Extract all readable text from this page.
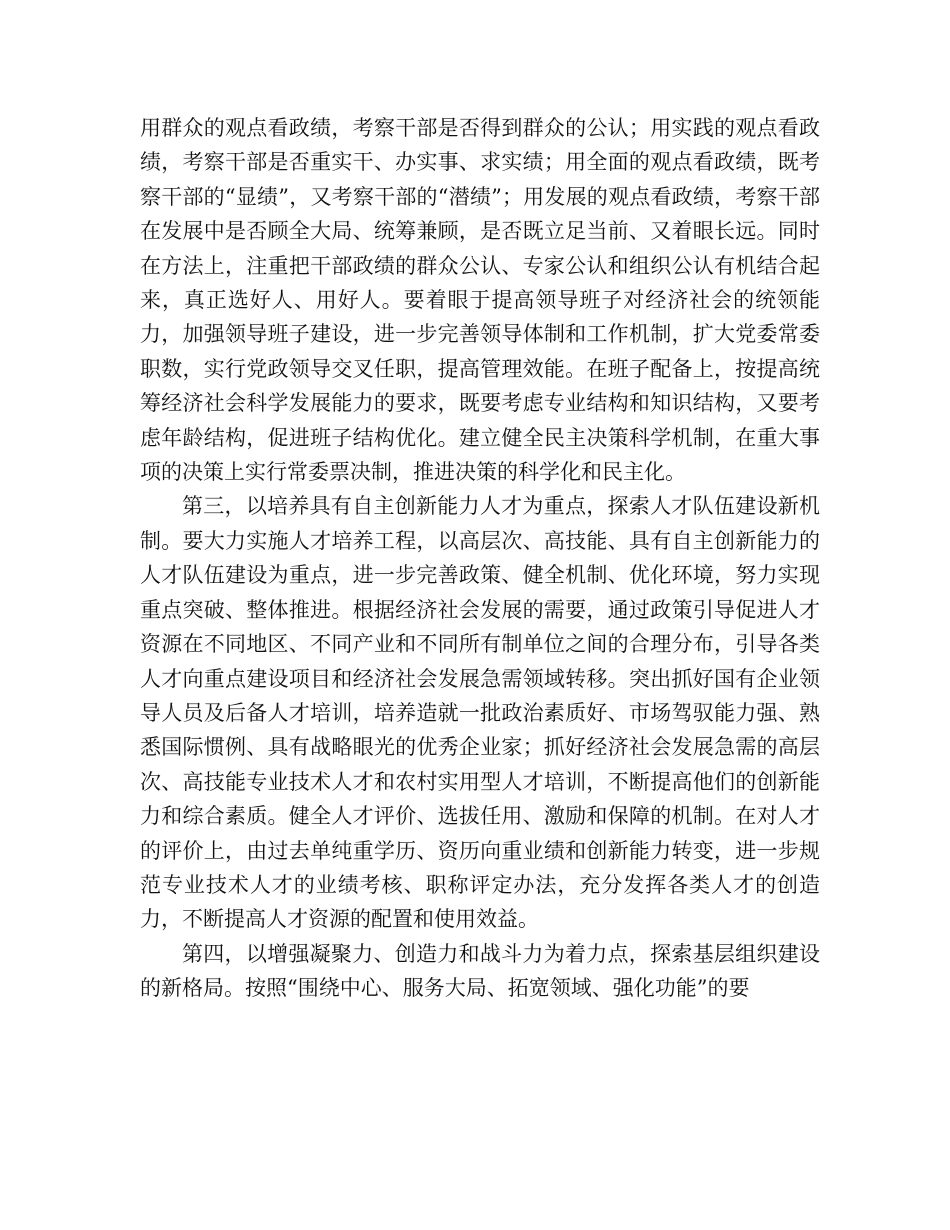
用群众的观点看政绩，考察干部是否得到群众的公认；用实践的观点看政绩，考察干部是否重实干、办实事、求实绩；用全面的观点看政绩，既考察干部的“显绩”，又考察干部的“潜绩”；用发展的观点看政绩，考察干部在发展中是否顾全大局、统筹兼顾，是否既立足当前、又着眼长远。同时在方法上，注重把干部政绩的群众公认、专家公认和组织公认有机结合起来，真正选好人、用好人。要着眼于提高领导班子对经济社会的统领能力，加强领导班子建设，进一步完善领导体制和工作机制，扩大党委常委职数，实行党政领导交叉任职，提高管理效能。在班子配备上，按提高统筹经济社会科学发展能力的要求，既要考虑专业结构和知识结构，又要考虑年龄结构，促进班子结构优化。建立健全民主决策科学机制，在重大事项的决策上实行常委票决制，推进决策的科学化和民主化。

第三，以培养具有自主创新能力人才为重点，探索人才队伍建设新机制。要大力实施人才培养工程，以高层次、高技能、具有自主创新能力的人才队伍建设为重点，进一步完善政策、健全机制、优化环境，努力实现重点突破、整体推进。根据经济社会发展的需要，通过政策引导促进人才资源在不同地区、不同产业和不同所有制单位之间的合理分布，引导各类人才向重点建设项目和经济社会发展急需领域转移。突出抓好国有企业领导人员及后备人才培训，培养造就一批政治素质好、市场驾驭能力强、熟悉国际惯例、具有战略眼光的优秀企业家；抓好经济社会发展急需的高层次、高技能专业技术人才和农村实用型人才培训，不断提高他们的创新能力和综合素质。健全人才评价、选拔任用、激励和保障的机制。在对人才的评价上，由过去单纯重学历、资历向重业绩和创新能力转变，进一步规范专业技术人才的业绩考核、职称评定办法，充分发挥各类人才的创造力，不断提高人才资源的配置和使用效益。

第四，以增强凝聚力、创造力和战斗力为着力点，探索基层组织建设的新格局。按照“围绕中心、服务大局、拓宽领域、强化功能”的要
